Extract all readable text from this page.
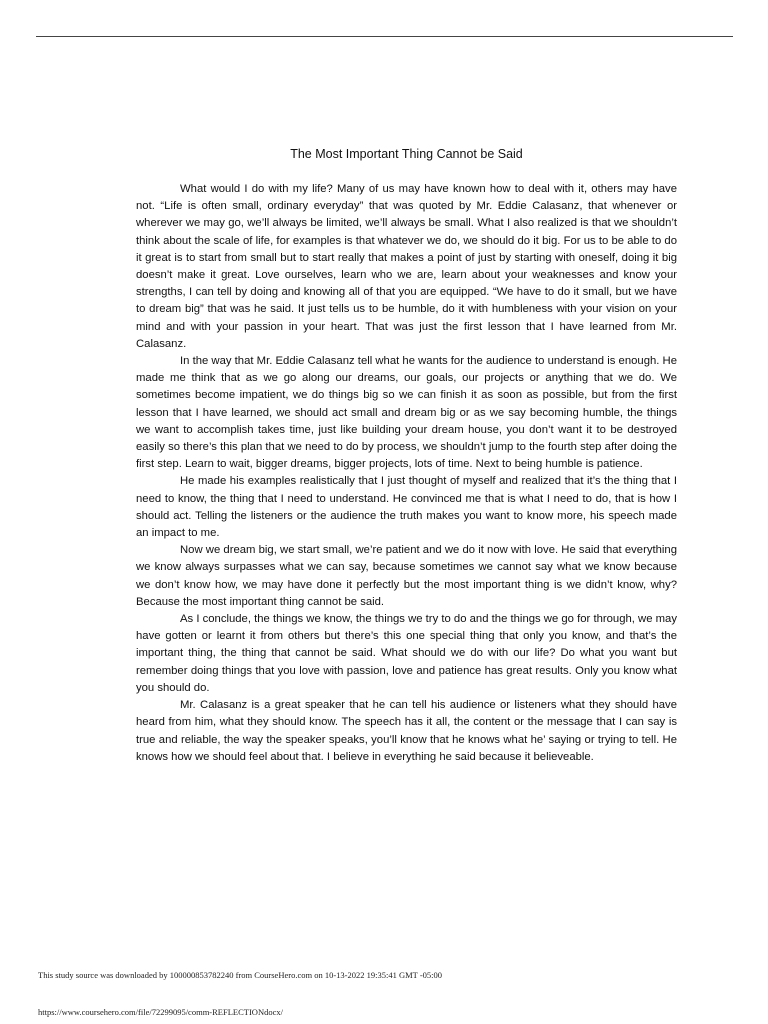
The Most Important Thing Cannot be Said

What would I do with my life? Many of us may have known how to deal with it, others may have not. “Life is often small, ordinary everyday” that was quoted by Mr. Eddie Calasanz, that whenever or wherever we may go, we’ll always be limited, we’ll always be small. What I also realized is that we shouldn’t think about the scale of life, for examples is that whatever we do, we should do it big. For us to be able to do it great is to start from small but to start really that makes a point of just by starting with oneself, doing it big doesn’t make it great. Love ourselves, learn who we are, learn about your weaknesses and know your strengths, I can tell by doing and knowing all of that you are equipped. “We have to do it small, but we have to dream big” that was he said. It just tells us to be humble, do it with humbleness with your vision on your mind and with your passion in your heart. That was just the first lesson that I have learned from Mr. Calasanz.

In the way that Mr. Eddie Calasanz tell what he wants for the audience to understand is enough. He made me think that as we go along our dreams, our goals, our projects or anything that we do. We sometimes become impatient, we do things big so we can finish it as soon as possible, but from the first lesson that I have learned, we should act small and dream big or as we say becoming humble, the things we want to accomplish takes time, just like building your dream house, you don’t want it to be destroyed easily so there’s this plan that we need to do by process, we shouldn’t jump to the fourth step after doing the first step. Learn to wait, bigger dreams, bigger projects, lots of time. Next to being humble is patience.

He made his examples realistically that I just thought of myself and realized that it’s the thing that I need to know, the thing that I need to understand. He convinced me that is what I need to do, that is how I should act. Telling the listeners or the audience the truth makes you want to know more, his speech made an impact to me.

Now we dream big, we start small, we’re patient and we do it now with love. He said that everything we know always surpasses what we can say, because sometimes we cannot say what we know because we don’t know how, we may have done it perfectly but the most important thing is we didn’t know, why? Because the most important thing cannot be said.

As I conclude, the things we know, the things we try to do and the things we go for through, we may have gotten or learnt it from others but there’s this one special thing that only you know, and that’s the important thing, the thing that cannot be said. What should we do with our life? Do what you want but remember doing things that you love with passion, love and patience has great results. Only you know what you should do.

Mr. Calasanz is a great speaker that he can tell his audience or listeners what they should have heard from him, what they should know. The speech has it all, the content or the message that I can say is true and reliable, the way the speaker speaks, you’ll know that he knows what he’ saying or trying to tell. He knows how we should feel about that. I believe in everything he said because it believeable.

This study source was downloaded by 100000853782240 from CourseHero.com on 10-13-2022 19:35:41 GMT -05:00
https://www.coursehero.com/file/72299095/comm-REFLECTIONdocx/
